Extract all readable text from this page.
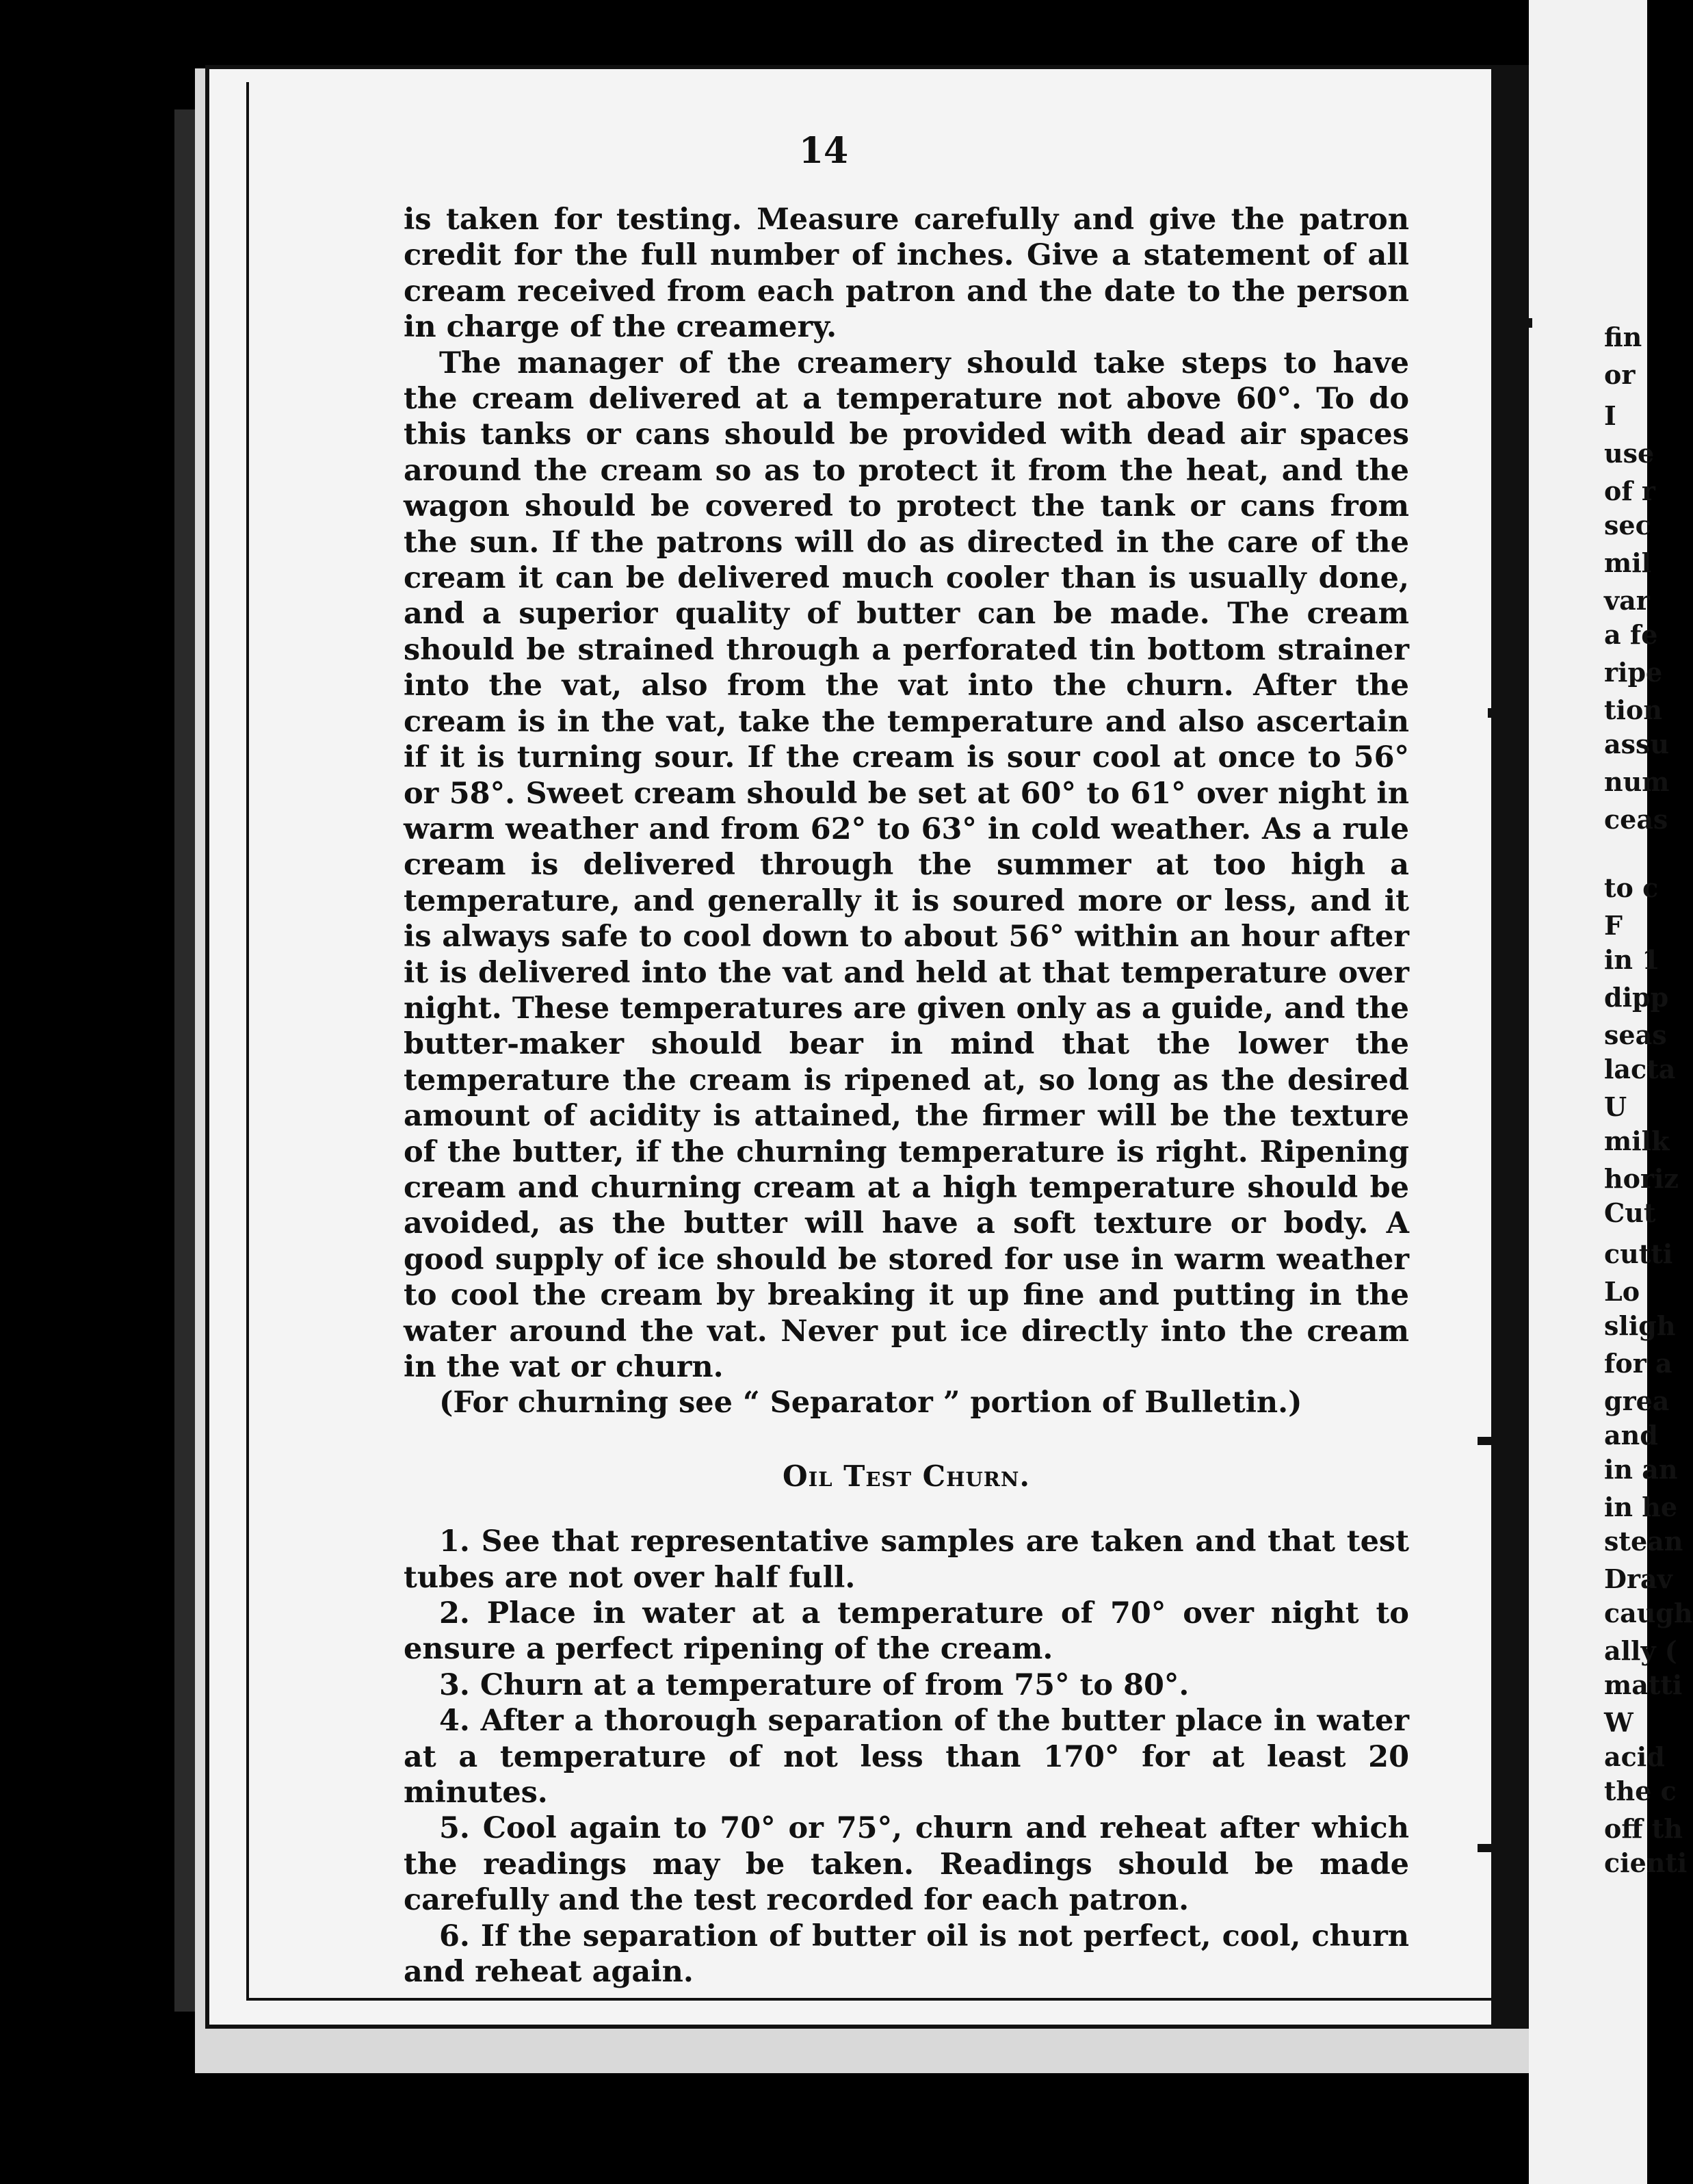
fin
or
I
use
of r
sec
mil
var
a fe
ripe
tion
assu
num
ceas
to c
F
in 1
dipp
seas
lacta
U
milk
horiz
Cut
cutti
Lo
sligh
for a
grea
and
in an
in he
stean
Drav
caugh
ally (
matti
W
acid
the c
off th
cienti
14

is taken for testing. Measure carefully and give the patron credit for the full number of inches. Give a statement of all cream received from each patron and the date to the person in charge of the creamery.

The manager of the creamery should take steps to have the cream delivered at a temperature not above 60°. To do this tanks or cans should be provided with dead air spaces around the cream so as to protect it from the heat, and the wagon should be covered to protect the tank or cans from the sun. If the patrons will do as directed in the care of the cream it can be delivered much cooler than is usually done, and a superior quality of butter can be made. The cream should be strained through a perforated tin bottom strainer into the vat, also from the vat into the churn. After the cream is in the vat, take the temperature and also ascertain if it is turning sour. If the cream is sour cool at once to 56° or 58°. Sweet cream should be set at 60° to 61° over night in warm weather and from 62° to 63° in cold weather. As a rule cream is delivered through the summer at too high a temperature, and generally it is soured more or less, and it is always safe to cool down to about 56° within an hour after it is delivered into the vat and held at that temperature over night. These temperatures are given only as a guide, and the butter-maker should bear in mind that the lower the temperature the cream is ripened at, so long as the desired amount of acidity is attained, the firmer will be the texture of the butter, if the churning temperature is right. Ripening cream and churning cream at a high temperature should be avoided, as the butter will have a soft texture or body. A good supply of ice should be stored for use in warm weather to cool the cream by breaking it up fine and putting in the water around the vat. Never put ice directly into the cream in the vat or churn.

(For churning see “ Separator ” portion of Bulletin.)

Oil Test Churn.

1. See that representative samples are taken and that test tubes are not over half full.

2. Place in water at a temperature of 70° over night to ensure a perfect ripening of the cream.

3. Churn at a temperature of from 75° to 80°.

4. After a thorough separation of the butter place in water at a temperature of not less than 170° for at least 20 minutes.

5. Cool again to 70° or 75°, churn and reheat after which the readings may be taken. Readings should be made carefully and the test recorded for each patron.

6. If the separation of butter oil is not perfect, cool, churn and reheat again.
